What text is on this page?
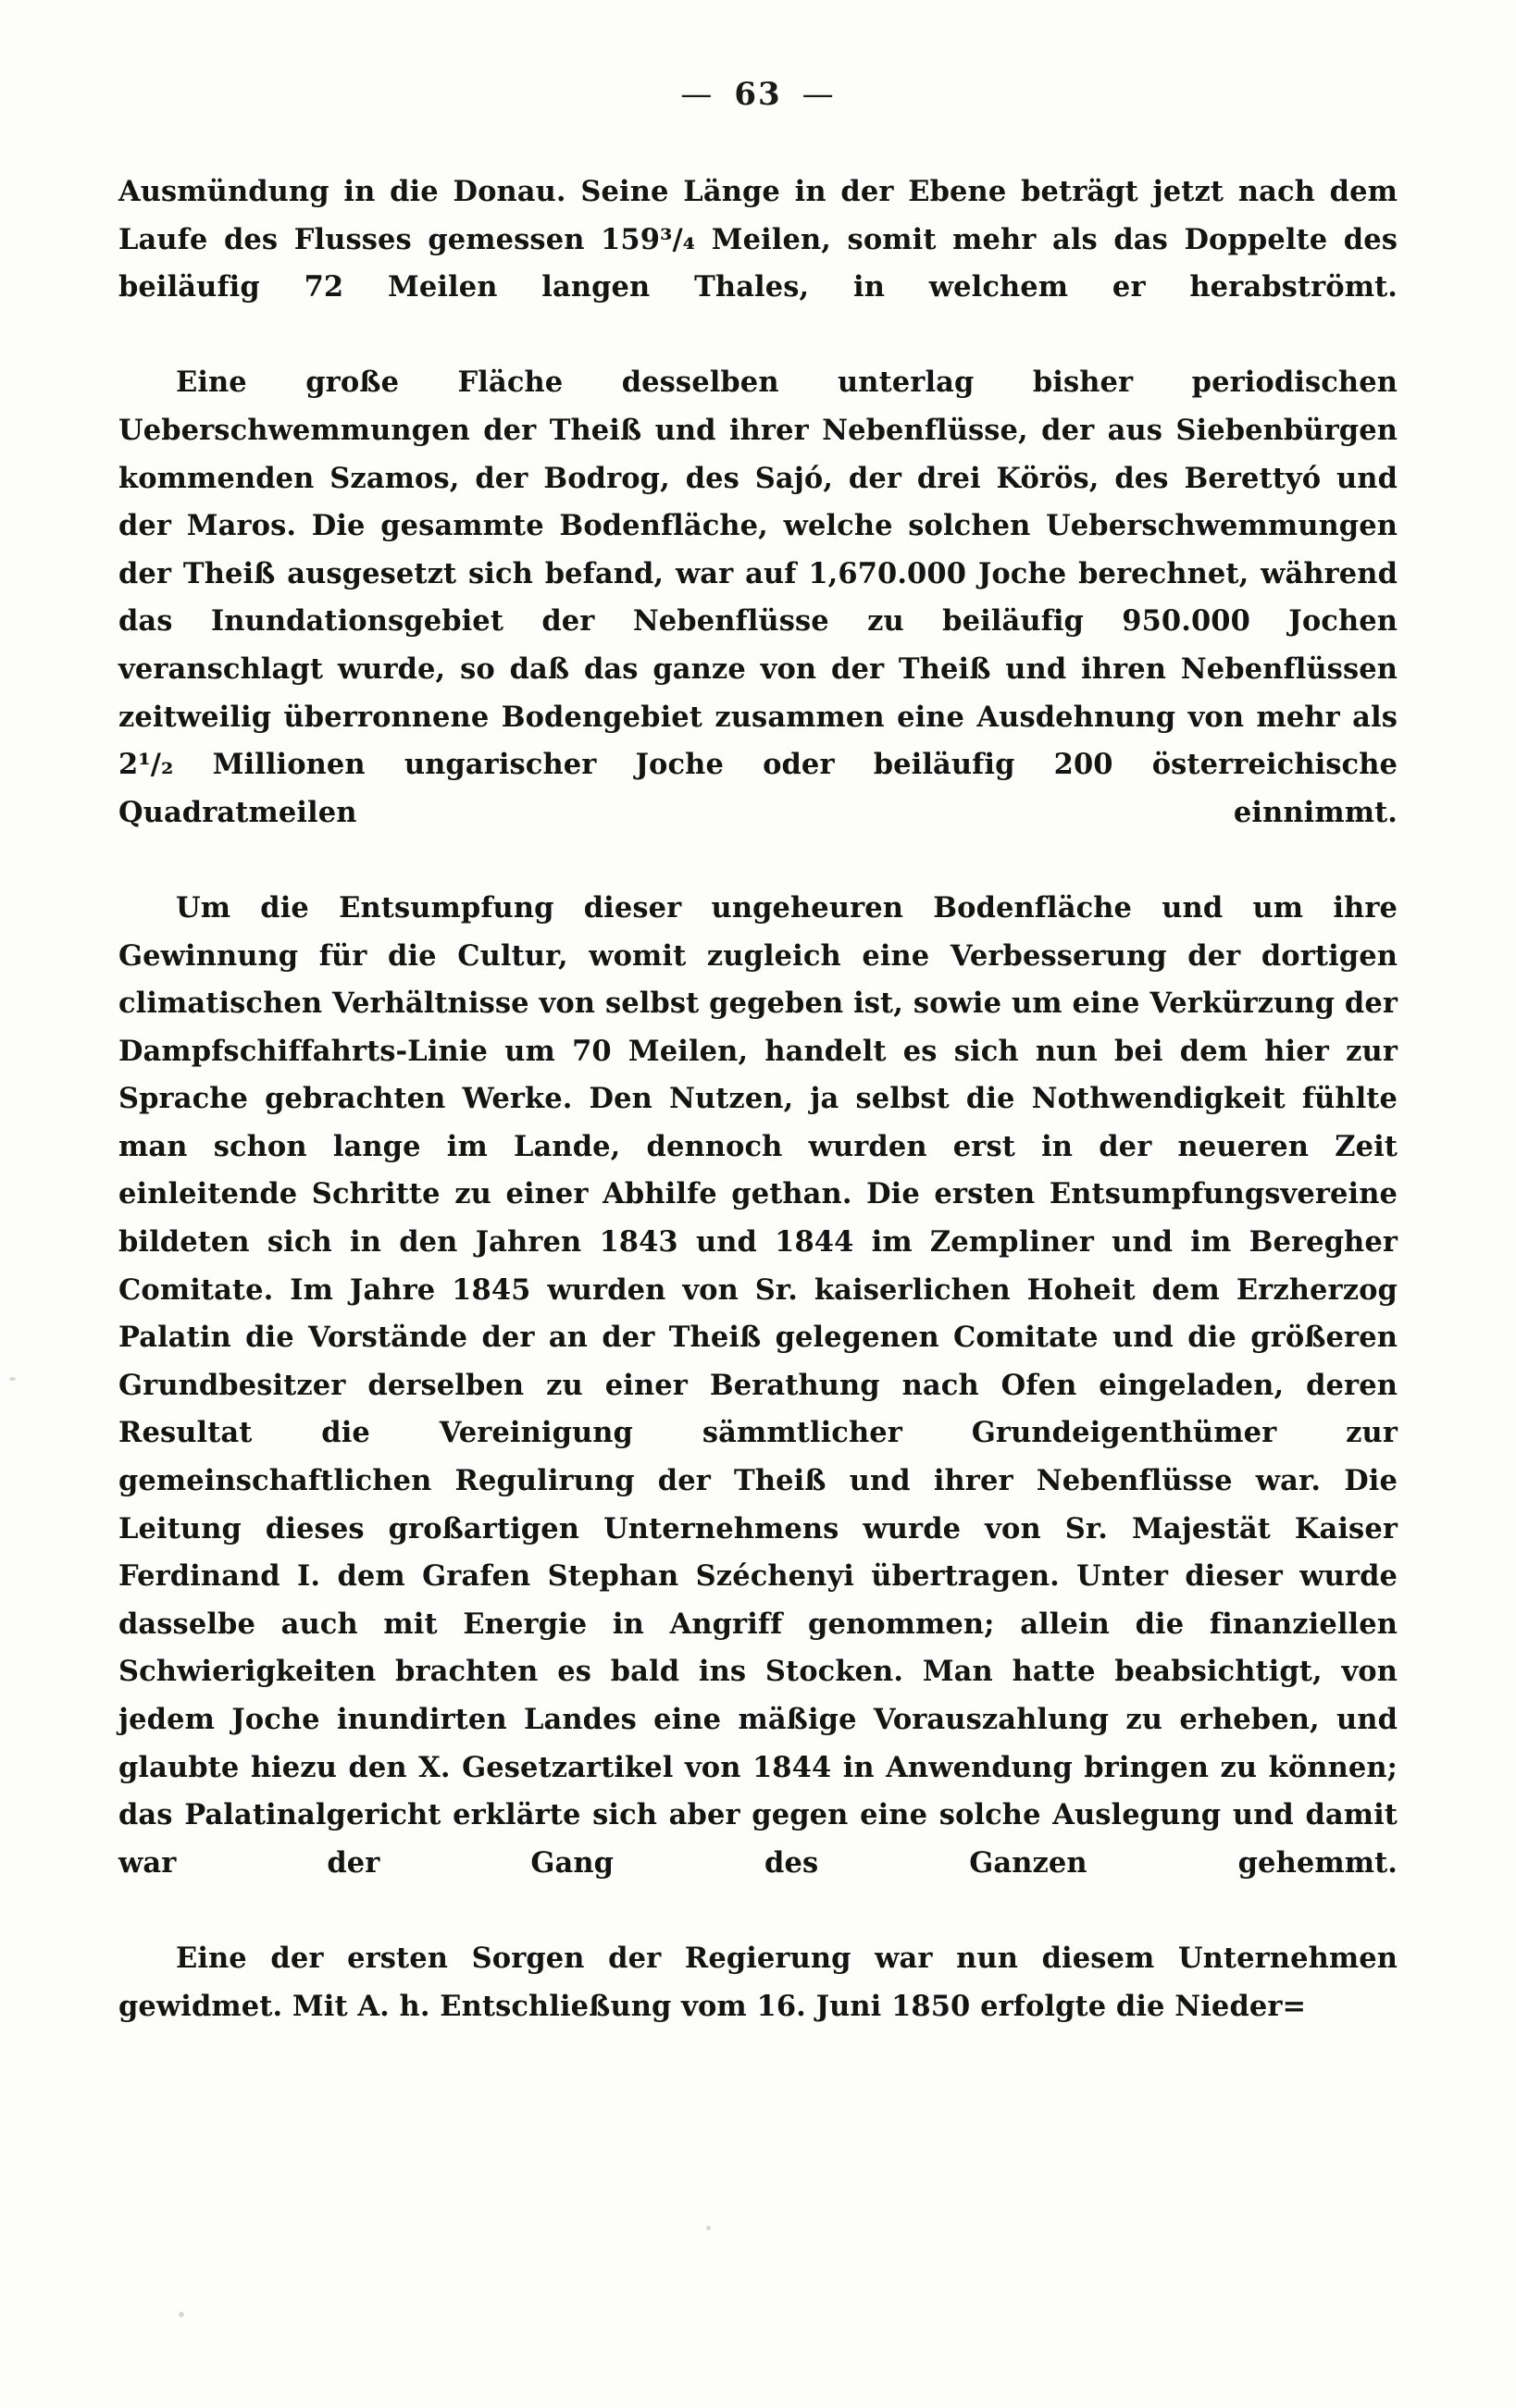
— 63 —

Ausmündung in die Donau. Seine Länge in der Ebene beträgt jetzt nach dem Laufe des Flusses gemessen 159³/₄ Meilen, somit mehr als das Doppelte des beiläufig 72 Meilen langen Thales, in welchem er herabströmt.

Eine große Fläche desselben unterlag bisher periodischen Ueberschwemmungen der Theiß und ihrer Nebenflüsse, der aus Siebenbürgen kommenden Szamos, der Bodrog, des Sajó, der drei Körös, des Berettyó und der Maros. Die gesammte Bodenfläche, welche solchen Ueberschwemmungen der Theiß ausgesetzt sich befand, war auf 1,670.000 Joche berechnet, während das Inundationsgebiet der Nebenflüsse zu beiläufig 950.000 Jochen veranschlagt wurde, so daß das ganze von der Theiß und ihren Nebenflüssen zeitweilig überronnene Bodengebiet zusammen eine Ausdehnung von mehr als 2¹/₂ Millionen ungarischer Joche oder beiläufig 200 österreichische Quadratmeilen einnimmt.

Um die Entsumpfung dieser ungeheuren Bodenfläche und um ihre Gewinnung für die Cultur, womit zugleich eine Verbesserung der dortigen climatischen Verhältnisse von selbst gegeben ist, sowie um eine Verkürzung der Dampfschiffahrts-Linie um 70 Meilen, handelt es sich nun bei dem hier zur Sprache gebrachten Werke. Den Nutzen, ja selbst die Nothwendigkeit fühlte man schon lange im Lande, dennoch wurden erst in der neueren Zeit einleitende Schritte zu einer Abhilfe gethan. Die ersten Entsumpfungsvereine bildeten sich in den Jahren 1843 und 1844 im Zempliner und im Beregher Comitate. Im Jahre 1845 wurden von Sr. kaiserlichen Hoheit dem Erzherzog Palatin die Vorstände der an der Theiß gelegenen Comitate und die größeren Grundbesitzer derselben zu einer Berathung nach Ofen eingeladen, deren Resultat die Vereinigung sämmtlicher Grundeigenthümer zur gemeinschaftlichen Regulirung der Theiß und ihrer Nebenflüsse war. Die Leitung dieses großartigen Unternehmens wurde von Sr. Majestät Kaiser Ferdinand I. dem Grafen Stephan Széchenyi übertragen. Unter dieser wurde dasselbe auch mit Energie in Angriff genommen; allein die finanziellen Schwierigkeiten brachten es bald ins Stocken. Man hatte beabsichtigt, von jedem Joche inundirten Landes eine mäßige Vorauszahlung zu erheben, und glaubte hiezu den X. Gesetzartikel von 1844 in Anwendung bringen zu können; das Palatinalgericht erklärte sich aber gegen eine solche Auslegung und damit war der Gang des Ganzen gehemmt.

Eine der ersten Sorgen der Regierung war nun diesem Unternehmen gewidmet. Mit A. h. Entschließung vom 16. Juni 1850 erfolgte die Nieder=
